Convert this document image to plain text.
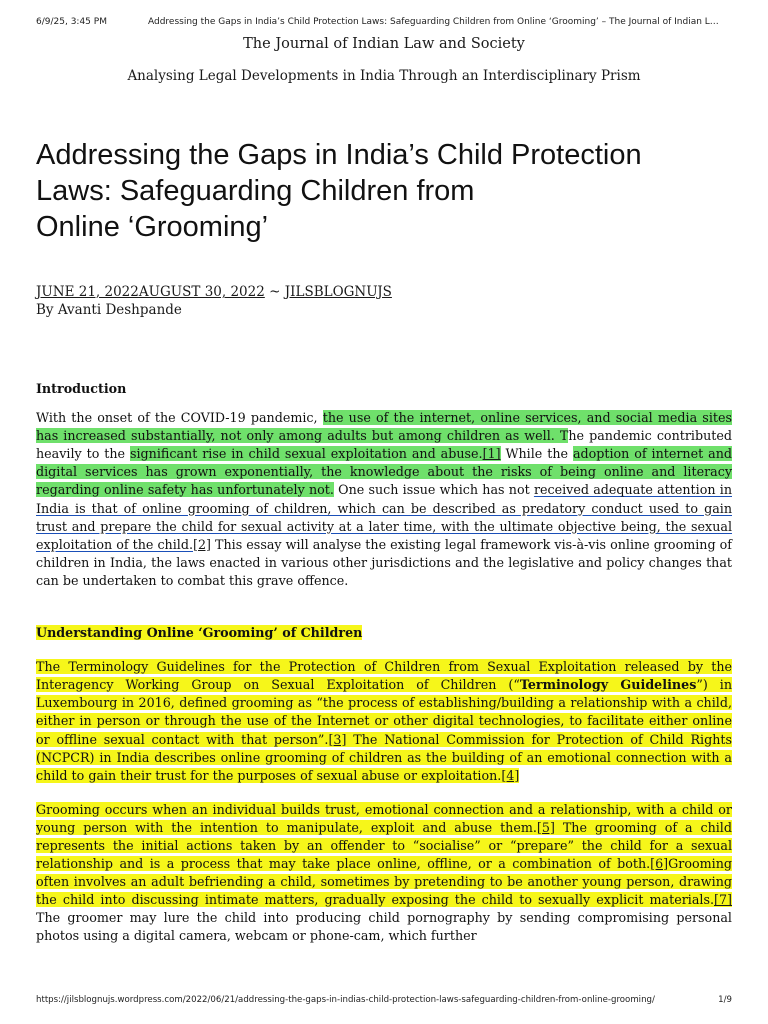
6/9/25, 3:45 PM	Addressing the Gaps in India’s Child Protection Laws: Safeguarding Children from Online ‘Grooming’ – The Journal of Indian L…
The Journal of Indian Law and Society
Analysing Legal Developments in India Through an Interdisciplinary Prism
Addressing the Gaps in India’s Child Protection
Laws: Safeguarding Children from
Online ‘Grooming’
JUNE 21, 2022AUGUST 30, 2022 ~ JILSBLOGNUJS
By Avanti Deshpande
Introduction

With the onset of the COVID-19 pandemic, the use of the internet, online services, and social media sites has increased substantially, not only among adults but among children as well. The pandemic contributed heavily to the significant rise in child sexual exploitation and abuse.[1] While the adoption of internet and digital services has grown exponentially, the knowledge about the risks of being online and literacy regarding online safety has unfortunately not. One such issue which has not received adequate attention in India is that of online grooming of children, which can be described as predatory conduct used to gain trust and prepare the child for sexual activity at a later time, with the ultimate objective being, the sexual exploitation of the child.[2] This essay will analyse the existing legal framework vis-à-vis online grooming of children in India, the laws enacted in various other jurisdictions and the legislative and policy changes that can be undertaken to combat this grave offence.

Understanding Online ‘Grooming’ of Children

The Terminology Guidelines for the Protection of Children from Sexual Exploitation released by the Interagency Working Group on Sexual Exploitation of Children (“Terminology Guidelines”) in Luxembourg in 2016, defined grooming as “the process of establishing/building a relationship with a child, either in person or through the use of the Internet or other digital technologies, to facilitate either online or offline sexual contact with that person”.[3] The National Commission for Protection of Child Rights (NCPCR) in India describes online grooming of children as the building of an emotional connection with a child to gain their trust for the purposes of sexual abuse or exploitation.[4]

Grooming occurs when an individual builds trust, emotional connection and a relationship, with a child or young person with the intention to manipulate, exploit and abuse them.[5] The grooming of a child represents the initial actions taken by an offender to “socialise” or “prepare” the child for a sexual relationship and is a process that may take place online, offline, or a combination of both.[6]Grooming often involves an adult befriending a child, sometimes by pretending to be another young person, drawing the child into discussing intimate matters, gradually exposing the child to sexually explicit materials.[7] The groomer may lure the child into producing child pornography by sending compromising personal photos using a digital camera, webcam or phone-cam, which further

https://jilsblognujs.wordpress.com/2022/06/21/addressing-the-gaps-in-indias-child-protection-laws-safeguarding-children-from-online-grooming/	1/9
